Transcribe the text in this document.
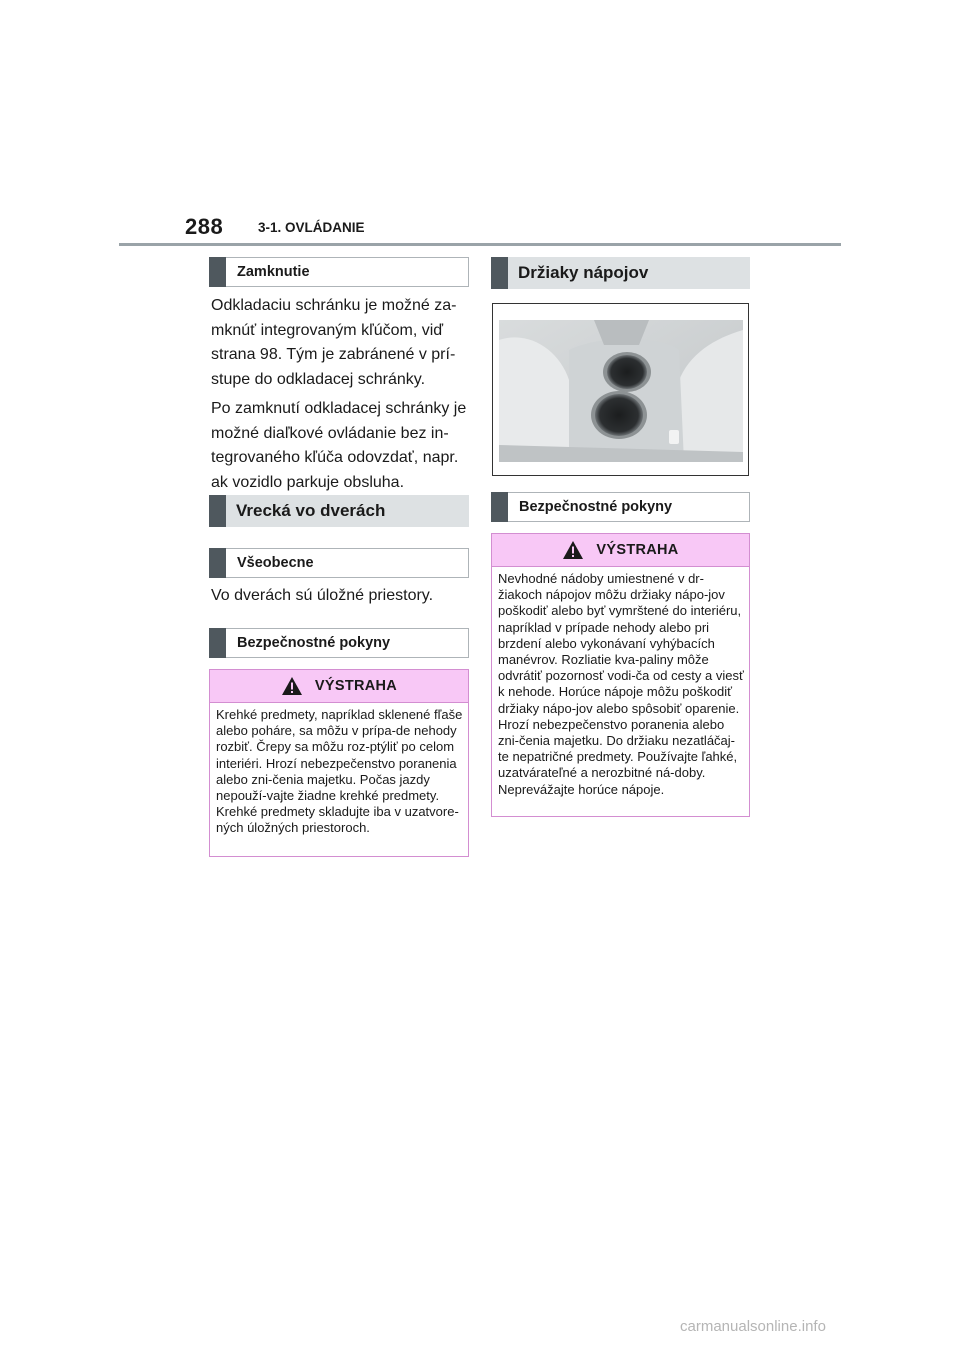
288	3-1. OVLÁDANIE
Zamknutie

Odkladaciu schránku je možné za-mknúť integrovaným kľúčom, viď strana 98. Tým je zabránené v prí-stupe do odkladacej schránky.

Po zamknutí odkladacej schránky je možné diaľkové ovládanie bez in-tegrovaného kľúča odovzdať, napr. ak vozidlo parkuje obsluha.

Vrecká vo dverách
Všeobecne

Vo dverách sú úložné priestory.

Bezpečnostné pokyny
VÝSTRAHA
Krehké predmety, napríklad sklenené fľaše alebo poháre, sa môžu v prípa-de nehody rozbiť. Črepy sa môžu roz-ptýliť po celom interiéri. Hrozí nebezpečenstvo poranenia alebo zni-čenia majetku. Počas jazdy nepouží-vajte žiadne krehké predmety. Krehké predmety skladujte iba v uzatvore-ných úložných priestoroch.
Držiaky nápojov
Bezpečnostné pokyny
VÝSTRAHA
Nevhodné nádoby umiestnené v dr-žiakoch nápojov môžu držiaky nápo-jov poškodiť alebo byť vymrštené do interiéru, napríklad v prípade nehody alebo pri brzdení alebo vykonávaní vyhýbacích manévrov. Rozliatie kva-paliny môže odvrátiť pozornosť vodi-ča od cesty a viesť k nehode. Horúce nápoje môžu poškodiť držiaky nápo-jov alebo spôsobiť oparenie. Hrozí nebezpečenstvo poranenia alebo zni-čenia majetku. Do držiaku nezatláčaj-te nepatričné predmety. Používajte ľahké, uzatvárateľné a nerozbitné ná-doby. Neprevážajte horúce nápoje.
carmanualsonline.info
